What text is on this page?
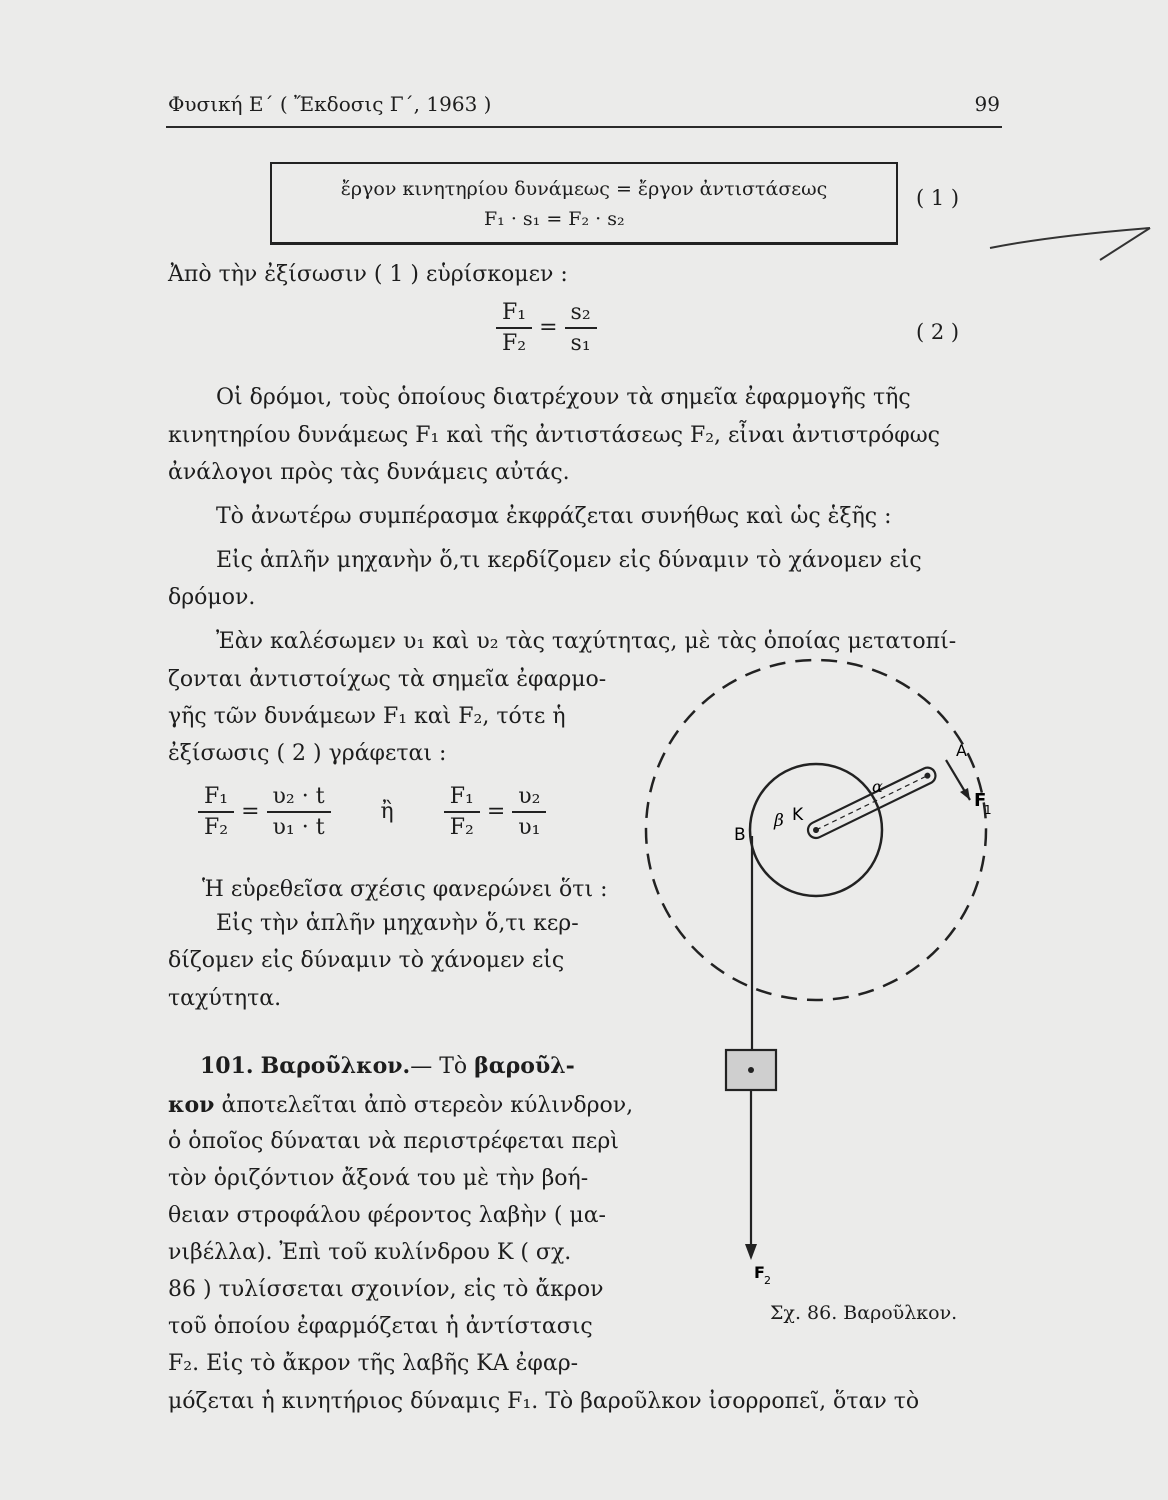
Φυσική Ε΄ ( Ἔκδοσις Γ΄, 1963 )	99
ἔργον κινητηρίου δυνάμεως = ἔργον ἀντιστάσεως
F₁ · s₁ = F₂ · s₂
( 1 )
Ἀπὸ τὴν ἐξίσωσιν ( 1 ) εὑρίσκομεν :
$\frac{\text{F₁}}{\text{F₂}} = \frac{\text{s₂}}{\text{s₁}}$	( 2 )
Οἱ δρόμοι, τοὺς ὁποίους διατρέχουν τὰ σημεῖα ἐφαρμογῆς τῆς
κινητηρίου δυνάμεως F₁ καὶ τῆς ἀντιστάσεως F₂, εἶναι ἀντιστρόφως
ἀνάλογοι πρὸς τὰς δυνάμεις αὐτάς.
Τὸ ἀνωτέρω συμπέρασμα ἐκφράζεται συνήθως καὶ ὡς ἑξῆς :
Εἰς ἁπλῆν μηχανὴν ὅ,τι κερδίζομεν εἰς δύναμιν τὸ χάνομεν εἰς
δρόμον.
Ἐὰν καλέσωμεν υ₁ καὶ υ₂ τὰς ταχύτητας, μὲ τὰς ὁποίας μετατοπί-
ζονται ἀντιστοίχως τὰ σημεῖα ἐφαρμο-
γῆς τῶν δυνάμεων F₁ καὶ F₂, τότε ἡ
ἐξίσωσις ( 2 ) γράφεται :
$\frac{\text{F₁}}{\text{F₂}} = \frac{\text{υ₂ · t}}{\text{υ₁ · t}}$ ἢ $\frac{\text{F₁}}{\text{F₂}} = \frac{\text{υ₂}}{\text{υ₁}}$
Ἡ εὑρεθεῖσα σχέσις φανερώνει ὅτι :
Εἰς τὴν ἁπλῆν μηχανὴν ὅ,τι κερ-
δίζομεν εἰς δύναμιν τὸ χάνομεν εἰς
ταχύτητα.
101. Βαροῦλκον.— Τὸ βαροῦλ-
κον ἀποτελεῖται ἀπὸ στερεὸν κύλινδρον,
ὁ ὁποῖος δύναται νὰ περιστρέφεται περὶ
τὸν ὁριζόντιον ἄξονά του μὲ τὴν βοή-
θειαν στροφάλου φέροντος λαβὴν ( μα-
νιβέλλα). Ἐπὶ τοῦ κυλίνδρου Κ ( σχ.
86 ) τυλίσσεται σχοινίον, εἰς τὸ ἄκρον
τοῦ ὁποίου ἐφαρμόζεται ἡ ἀντίστασις
F₂. Εἰς τὸ ἄκρον τῆς λαβῆς ΚΑ ἐφαρ-
μόζεται ἡ κινητήριος δύναμις F₁. Τὸ βαροῦλκον ἰσορροπεῖ, ὅταν τὸ
A
F
1
α
B
β K
F 2
Σχ. 86. Βαροῦλκον.
